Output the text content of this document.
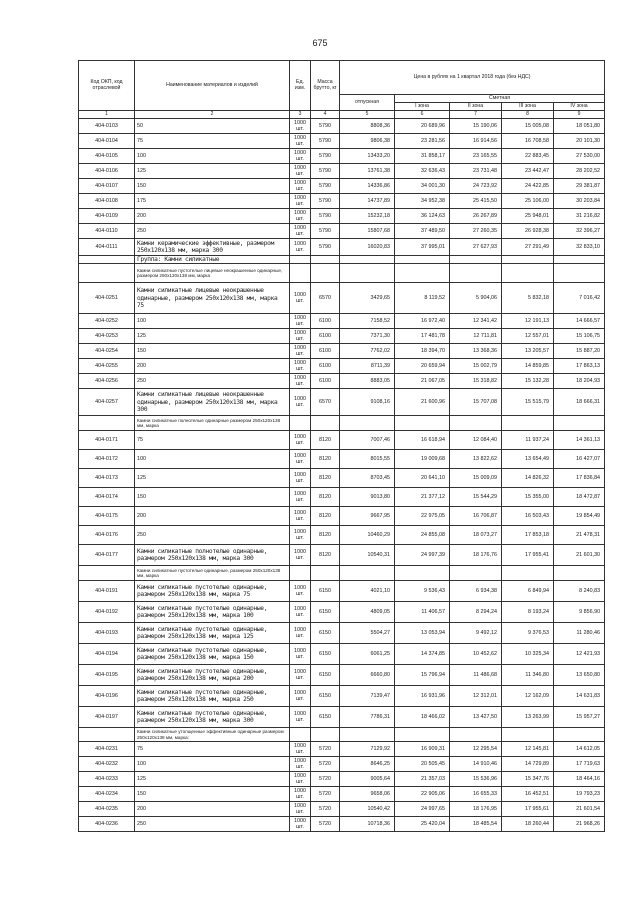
675
Код ОКП, код отраслевой	Наименование материалов и изделий	Ед. изм.	Масса брутто, кг	Цена в рублях на 1 квартал 2018 года (без НДС)				
				отпускная	Сметная			
					I зона	II зона	III зона	IV зона
1	2	3	4	5	6	7	8	9
404-0103	50	1000 шт.	5790	8808,36	20 689,96	15 190,06	15 005,08	18 051,80
404-0104	75	1000 шт.	5790	9806,38	23 281,56	16 914,56	16 708,58	20 101,30
404-0105	100	1000 шт.	5790	13433,20	31 858,17	23 165,55	22 883,45	27 530,00
404-0106	125	1000 шт.	5790	13761,38	32 636,43	23 731,48	23 442,47	28 202,52
404-0107	150	1000 шт.	5790	14336,86	34 001,30	24 723,92	24 422,85	29 381,87
404-0108	175	1000 шт.	5790	14737,89	34 952,38	25 415,50	25 106,00	30 203,84
404-0109	200	1000 шт.	5790	15232,18	36 124,63	26 267,89	25 948,01	31 216,82
404-0110	250	1000 шт.	5790	15807,68	37 489,50	27 260,35	26 928,38	32 396,27
404-0111	Камни керамические эффективные, размером 250х120х138 мм, марка 300	1000 шт.	5790	16020,83	37 995,01	27 627,93	27 291,49	32 833,10
	Группа: Камни силикатные							
	Камни силикатные пустотелые лицевые неокрашенные одинарные, размером 250х120х138 мм, марка							
404-0251	Камни силикатные лицевые неокрашенные одинарные, размером 250х120х138 мм, марка 75	1000 шт.	6570	3429,65	8 119,52	5 904,06	5 832,18	7 016,42
404-0252	100	1000 шт.	6100	7158,52	16 972,40	12 341,42	12 191,13	14 666,57
404-0253	125	1000 шт.	6100	7371,30	17 481,78	12 711,81	12 557,01	15 106,75
404-0254	150	1000 шт.	6100	7762,02	18 394,70	13 368,36	13 205,57	15 887,20
404-0255	200	1000 шт.	6100	8711,39	20 659,94	15 002,79	14 859,85	17 863,13
404-0256	250	1000 шт.	6100	8883,05	21 067,05	15 318,82	15 132,28	18 204,93
404-0257	Камни силикатные лицевые неокрашенные одинарные, размером 250х120х138 мм, марка 300	1000 шт.	6570	9108,16	21 600,96	15 707,08	15 515,79	18 666,31
	Камни силикатные полнотелые одинарные размером 250х120х138 мм, марка							
404-0171	75	1000 шт.	8120	7007,46	16 618,94	12 084,40	11 937,24	14 361,13
404-0172	100	1000 шт.	8120	8015,55	19 009,68	13 822,62	13 654,49	16 427,07
404-0173	125	1000 шт.	8120	8703,45	20 641,10	15 009,09	14 826,32	17 836,84
404-0174	150	1000 шт.	8120	9013,80	21 377,12	15 544,29	15 355,00	18 472,87
404-0175	200	1000 шт.	8120	9667,95	22 975,05	16 706,87	16 503,43	19 854,49
404-0176	250	1000 шт.	8120	10460,29	24 855,08	18 073,27	17 853,18	21 478,31
404-0177	Камни силикатные полнотелые одинарные, размером 250х120х138 мм, марка 300	1000 шт.	8120	10540,31	24 997,39	18 176,76	17 955,41	21 601,30
	Камни силикатные пустотелые одинарные, размером 250х120х138 мм, марка							
404-0191	Камни силикатные пустотелые одинарные, размером 250х120х138 мм, марка 75	1000 шт.	6150	4021,10	9 536,43	6 934,38	6 849,94	8 240,83
404-0192	Камни силикатные пустотелые одинарные, размером 250х120х138 мм, марка 100	1000 шт.	6150	4809,05	11 406,57	8 294,24	8 193,24	9 856,90
404-0193	Камни силикатные пустотелые одинарные, размером 250х120х138 мм, марка 125	1000 шт.	6150	5504,27	13 053,94	9 492,12	9 376,53	11 280,46
404-0194	Камни силикатные пустотелые одинарные, размером 250х120х138 мм, марка 150	1000 шт.	6150	6061,25	14 374,85	10 452,62	10 325,34	12 421,93
404-0195	Камни силикатные пустотелые одинарные, размером 250х120х138 мм, марка 200	1000 шт.	6150	6660,80	15 796,94	11 486,68	11 346,80	13 650,80
404-0196	Камни силикатные пустотелые одинарные, размером 250х120х138 мм, марка 250	1000 шт.	6150	7139,47	16 931,96	12 312,01	12 162,09	14 631,83
404-0197	Камни силикатные пустотелые одинарные, размером 250х120х138 мм, марка 300	1000 шт.	6150	7786,31	18 466,02	13 427,50	13 263,99	15 957,27
	Камни силикатные утолщенные эффективные одинарные размером 250х120х138 мм, марка:							
404-0231	75	1000 шт.	5720	7129,92	16 909,31	12 295,54	12 145,81	14 612,05
404-0232	100	1000 шт.	5720	8646,25	20 505,45	14 910,46	14 729,89	17 719,63
404-0233	125	1000 шт.	5720	9005,64	21 357,03	15 536,96	15 347,76	18 464,16
404-0234	150	1000 шт.	5720	9658,06	22 905,06	16 655,33	16 452,51	19 793,23
404-0235	200	1000 шт.	5720	10540,42	24 997,65	18 176,95	17 955,61	21 601,54
404-0236	250	1000 шт.	5720	10718,36	25 420,04	18 485,54	18 260,44	21 968,26
